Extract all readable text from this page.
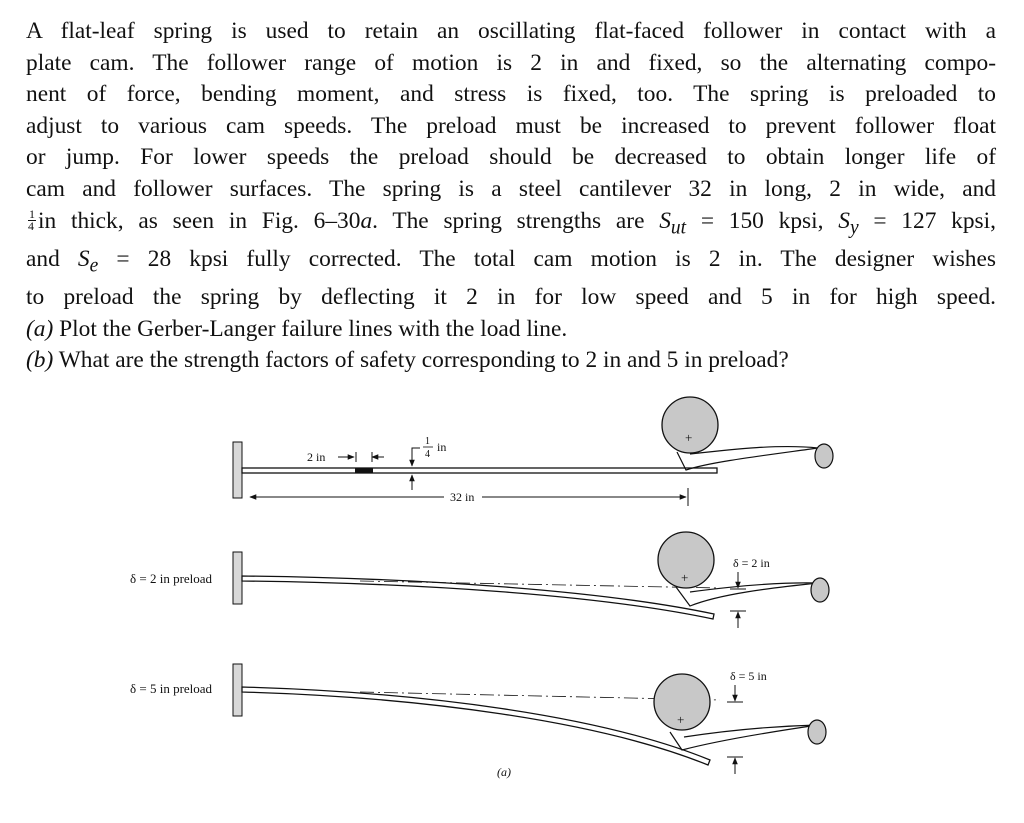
A flat-leaf spring is used to retain an oscillating flat-faced follower in contact with a
plate cam. The follower range of motion is 2 in and fixed, so the alternating compo-
nent of force, bending moment, and stress is fixed, too. The spring is preloaded to
adjust to various cam speeds. The preload must be increased to prevent follower float
or jump. For lower speeds the preload should be decreased to obtain longer life of
cam and follower surfaces. The spring is a steel cantilever 32 in long, 2 in wide, and
$\frac{1}{4}$ in thick, as seen in Fig. 6–30a. The spring strengths are $S_{ut} = 150$ kpsi, $S_y = 127$ kpsi,
and $S_e = 28$ kpsi fully corrected. The total cam motion is 2 in. The designer wishes
to preload the spring by deflecting it 2 in for low speed and 5 in for high speed.
(a) Plot the Gerber-Langer failure lines with the load line.
(b) What are the strength factors of safety corresponding to 2 in and 5 in preload?
2 in
1
4
in
32 in
+
δ = 2 in preload	+
δ = 2 in
δ = 5 in preload
+
δ = 5 in
(a)
